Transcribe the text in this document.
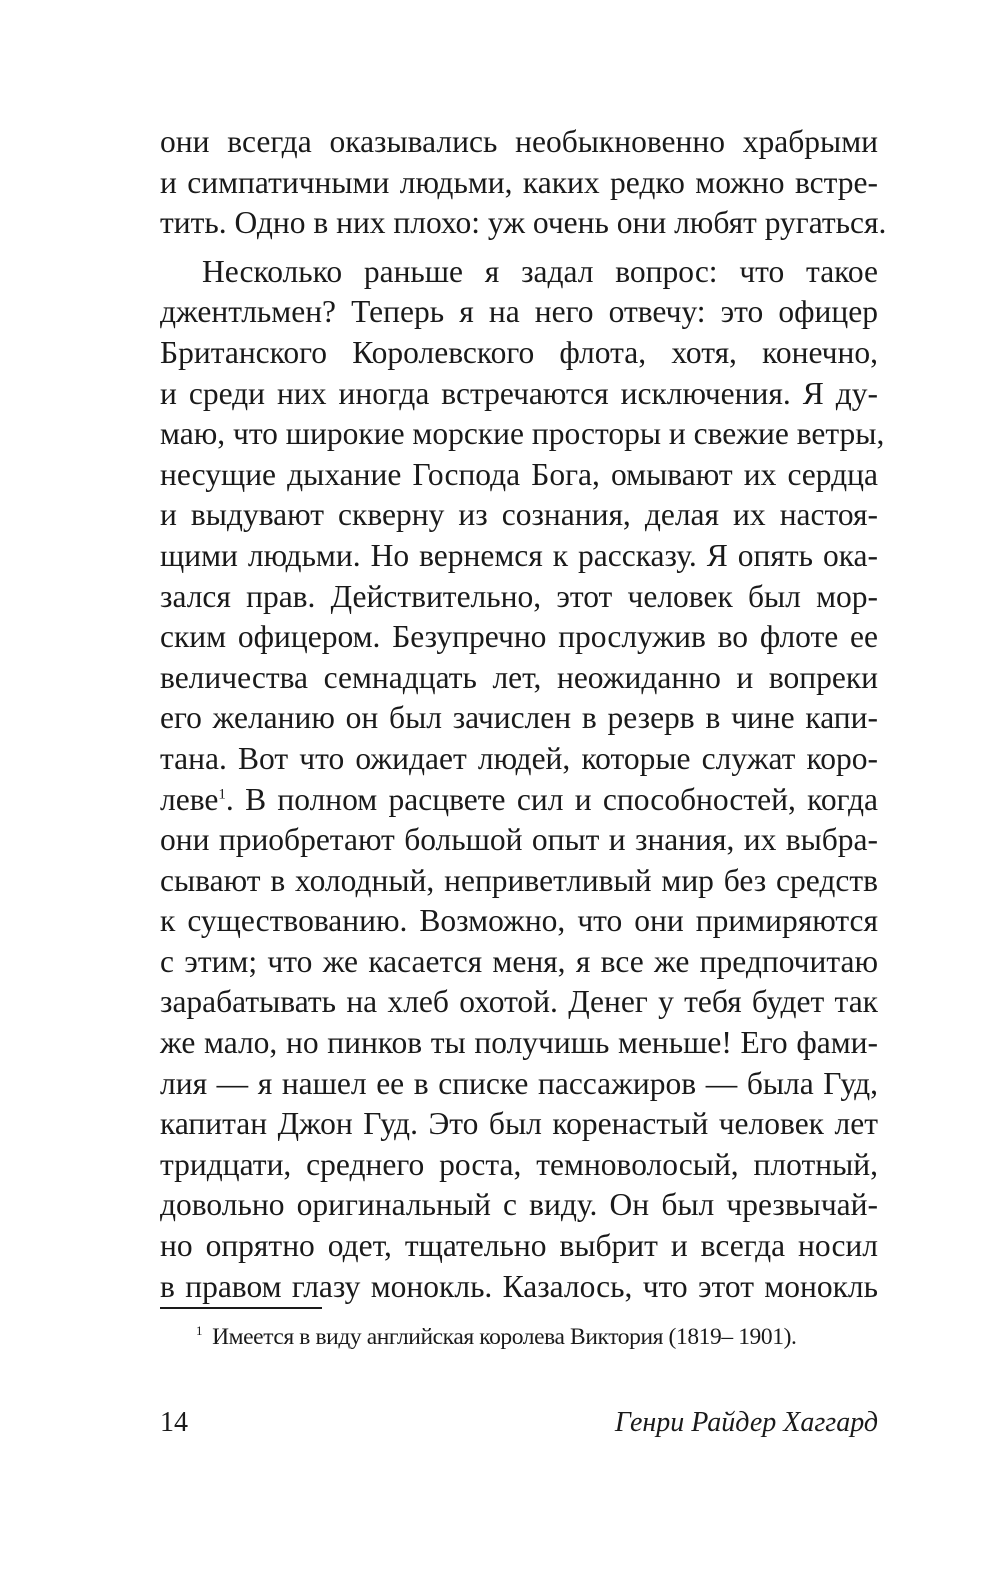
они всегда оказывались необыкновенно храбрыми
и симпатичными людьми, каких редко можно встре-
тить. Одно в них плохо: уж очень они любят ругаться.
Несколько раньше я задал вопрос: что такое
джентльмен? Теперь я на него отвечу: это офицер
Британского Королевского флота, хотя, конечно,
и среди них иногда встречаются исключения. Я ду-
маю, что широкие морские просторы и свежие ветры,
несущие дыхание Господа Бога, омывают их сердца
и выдувают скверну из сознания, делая их настоя-
щими людьми. Но вернемся к рассказу. Я опять ока-
зался прав. Действительно, этот человек был мор-
ским офицером. Безупречно прослужив во флоте ее
величества семнадцать лет, неожиданно и вопреки
его желанию он был зачислен в резерв в чине капи-
тана. Вот что ожидает людей, которые служат коро-
леве$^1$. В полном расцвете сил и способностей, когда
они приобретают большой опыт и знания, их выбра-
сывают в холодный, неприветливый мир без средств
к существованию. Возможно, что они примиряются
с этим; что же касается меня, я все же предпочитаю
зарабатывать на хлеб охотой. Денег у тебя будет так
же мало, но пинков ты получишь меньше! Его фами-
лия — я нашел ее в списке пассажиров — была Гуд,
капитан Джон Гуд. Это был коренастый человек лет
тридцати, среднего роста, темноволосый, плотный,
довольно оригинальный с виду. Он был чрезвычай-
но опрятно одет, тщательно выбрит и всегда носил
в правом глазу монокль. Казалось, что этот монокль
$^1$ Имеется в виду английская королева Виктория (1819– 1901).
14	Генри Райдер Хаггард
